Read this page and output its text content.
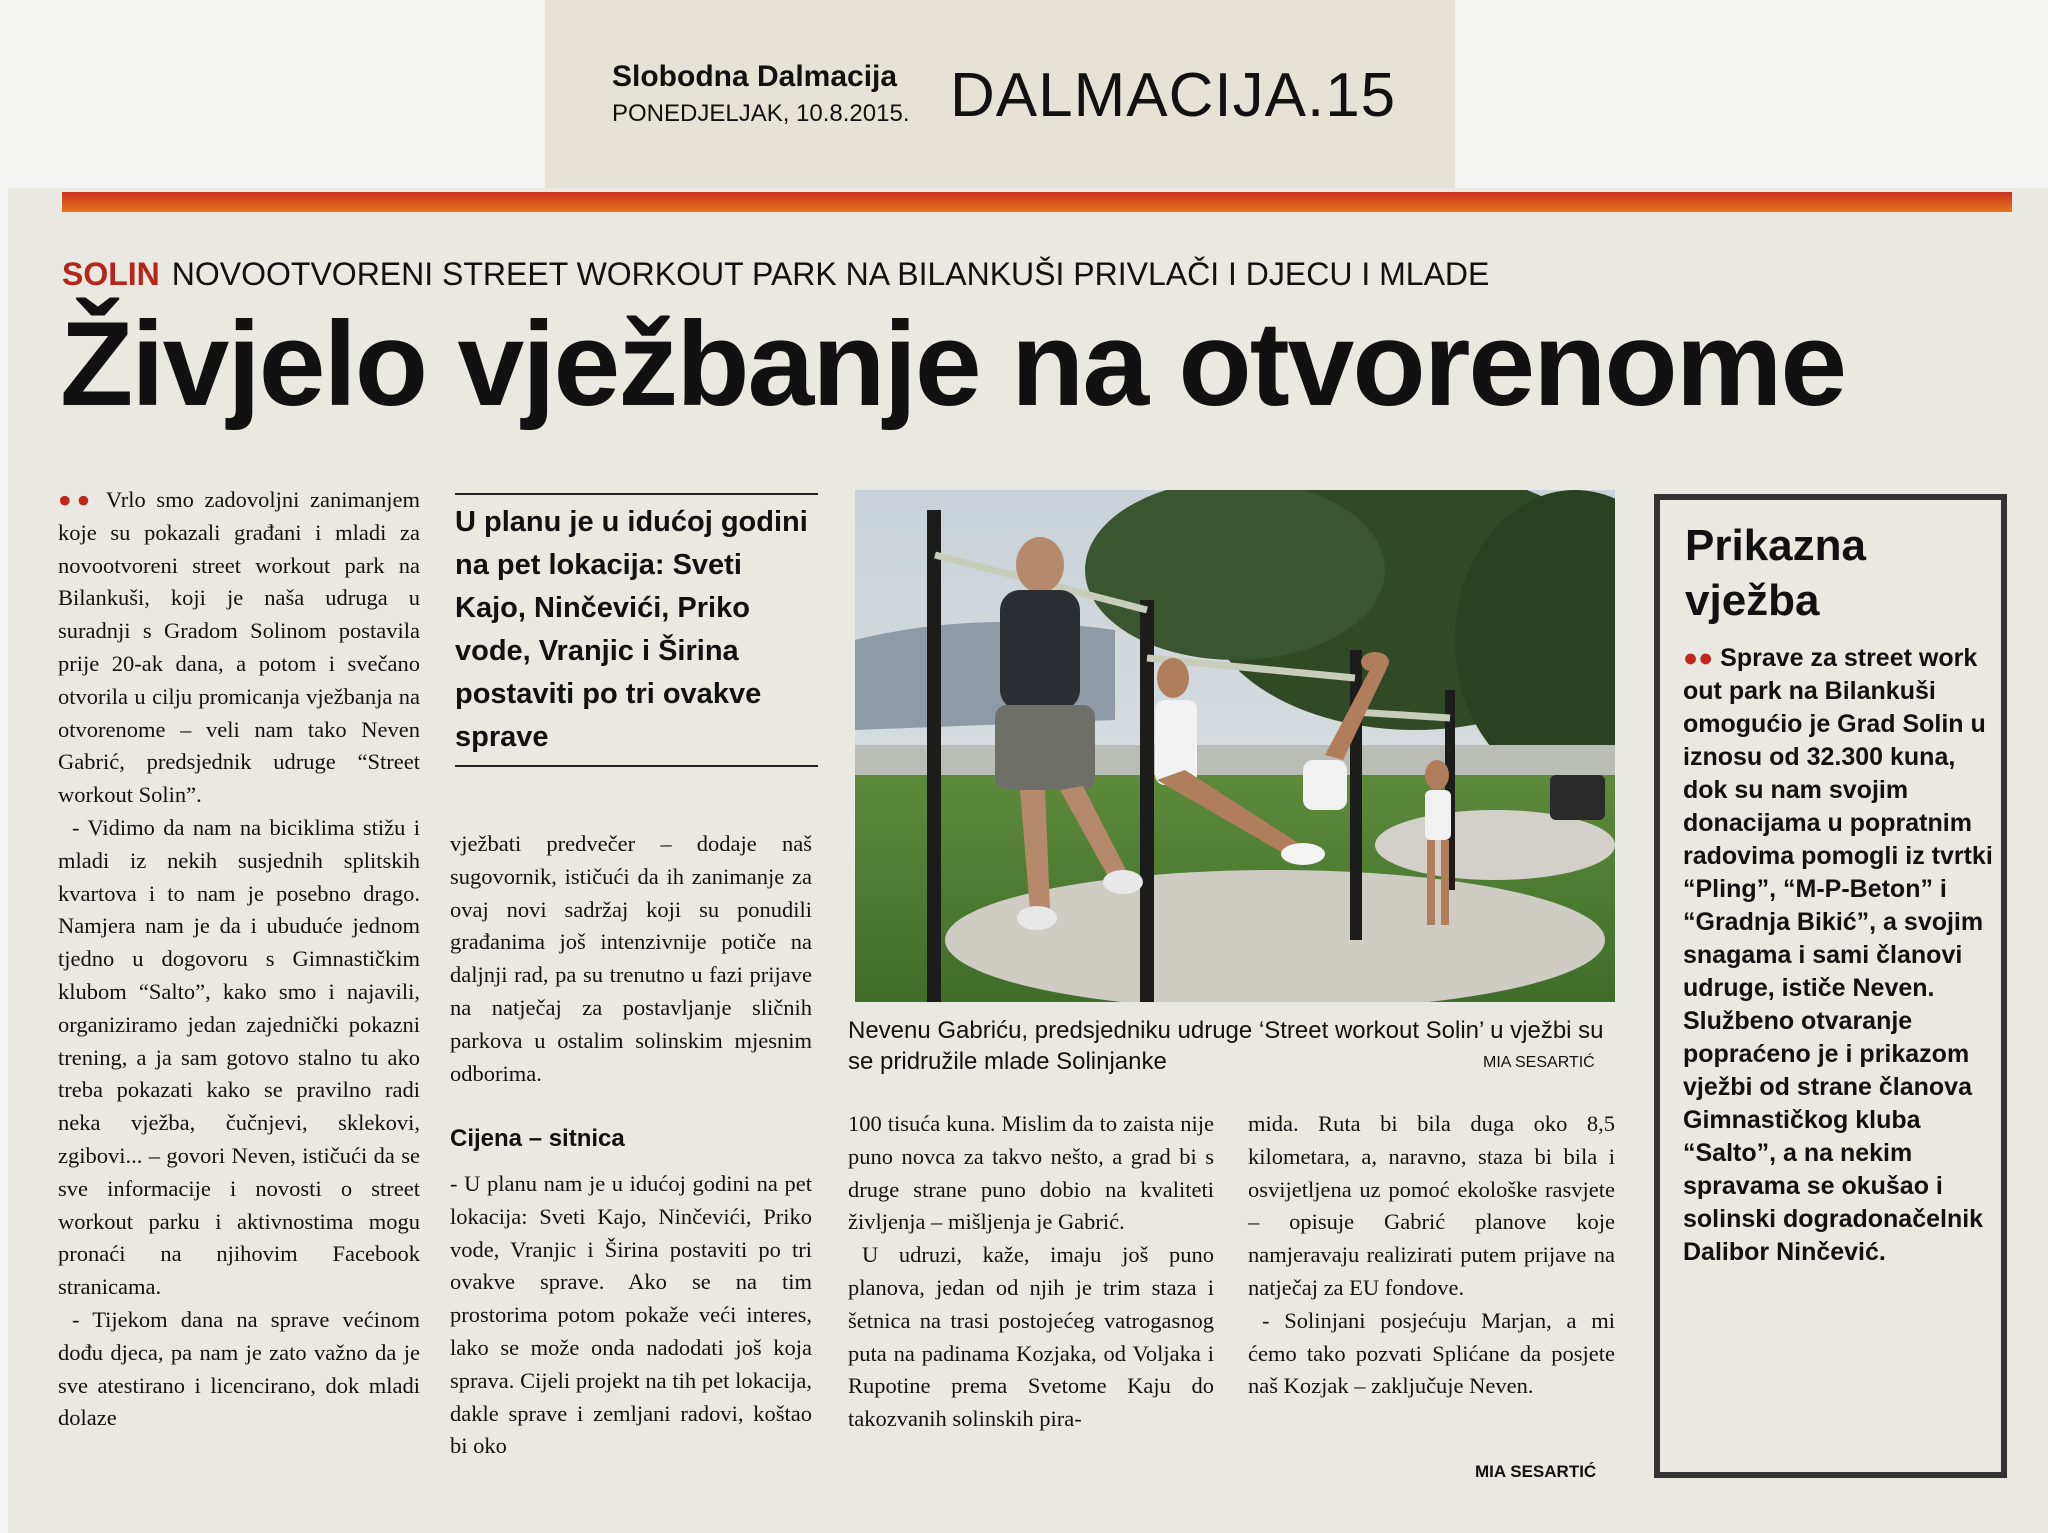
Slobodna Dalmacija
PONEDJELJAK, 10.8.2015. DALMACIJA.15
SOLIN NOVOOTVORENI STREET WORKOUT PARK NA BILANKUŠI PRIVLAČI I DJECU I MLADE
Živjelo vježbanje na otvorenome

●● Vrlo smo zadovoljni zanimanjem koje su pokazali građani i mladi za novootvoreni street workout park na Bilankuši, koji je naša udruga u suradnji s Gradom Solinom postavila prije 20-ak dana, a potom i svečano otvorila u cilju promicanja vježbanja na otvorenome – veli nam tako Neven Gabrić, predsjednik udruge “Street workout Solin”.

- Vidimo da nam na biciklima stižu i mladi iz nekih susjednih splitskih kvartova i to nam je posebno drago. Namjera nam je da i ubuduće jednom tjedno u dogovoru s Gimnastičkim klubom “Salto”, kako smo i najavili, organiziramo jedan zajednički pokazni trening, a ja sam gotovo stalno tu ako treba pokazati kako se pravilno radi neka vježba, čučnjevi, sklekovi, zgibovi... – govori Neven, ističući da se sve informacije i novosti o street workout parku i aktivnostima mogu pronaći na njihovim Facebook stranicama.

- Tijekom dana na sprave većinom dođu djeca, pa nam je zato važno da je sve atestirano i licencirano, dok mladi dolaze

U planu je u idućoj godini na pet lokacija: Sveti Kajo, Ninčevići, Priko vode, Vranjic i Širina postaviti po tri ovakve sprave

vježbati predvečer – dodaje naš sugovornik, ističući da ih zanimanje za ovaj novi sadržaj koji su ponudili građanima još intenzivnije potiče na daljnji rad, pa su trenutno u fazi prijave na natječaj za postavljanje sličnih parkova u ostalim solinskim mjesnim odborima.

Cijena – sitnica

- U planu nam je u idućoj godini na pet lokacija: Sveti Kajo, Ninčevići, Priko vode, Vranjic i Širina postaviti po tri ovakve sprave. Ako se na tim prostorima potom pokaže veći interes, lako se može onda nadodati još koja sprava. Cijeli projekt na tih pet lokacija, dakle sprave i zemljani radovi, koštao bi oko

Nevenu Gabriću, predsjedniku udruge ‘Street workout Solin’ u vježbi su se pridružile mlade Solinjanke	MIA SESARTIĆ

100 tisuća kuna. Mislim da to zaista nije puno novca za takvo nešto, a grad bi s druge strane puno dobio na kvaliteti življenja – mišljenja je Gabrić.

U udruzi, kaže, imaju još puno planova, jedan od njih je trim staza i šetnica na trasi postojećeg vatrogasnog puta na padinama Kozjaka, od Voljaka i Rupotine prema Svetome Kaju do takozvanih solinskih pira-

mida. Ruta bi bila duga oko 8,5 kilometara, a, naravno, staza bi bila i osvijetljena uz pomoć ekološke rasvjete – opisuje Gabrić planove koje namjeravaju realizirati putem prijave na natječaj za EU fondove.

- Solinjani posjećuju Marjan, a mi ćemo tako pozvati Splićane da posjete naš Kozjak – zaključuje Neven.

MIA SESARTIĆ
Prikazna vježba
●● Sprave za street work out park na Bilankuši omogućio je Grad Solin u iznosu od 32.300 kuna, dok su nam svojim donacijama u popratnim radovima pomogli iz tvrtki “Pling”, “M-P-Beton” i “Gradnja Bikić”, a svojim snagama i sami članovi udruge, ističe Neven. Službeno otvaranje popraćeno je i prikazom vježbi od strane članova Gimnastičkog kluba “Salto”, a na nekim spravama se okušao i solinski dogradonačelnik Dalibor Ninčević.
